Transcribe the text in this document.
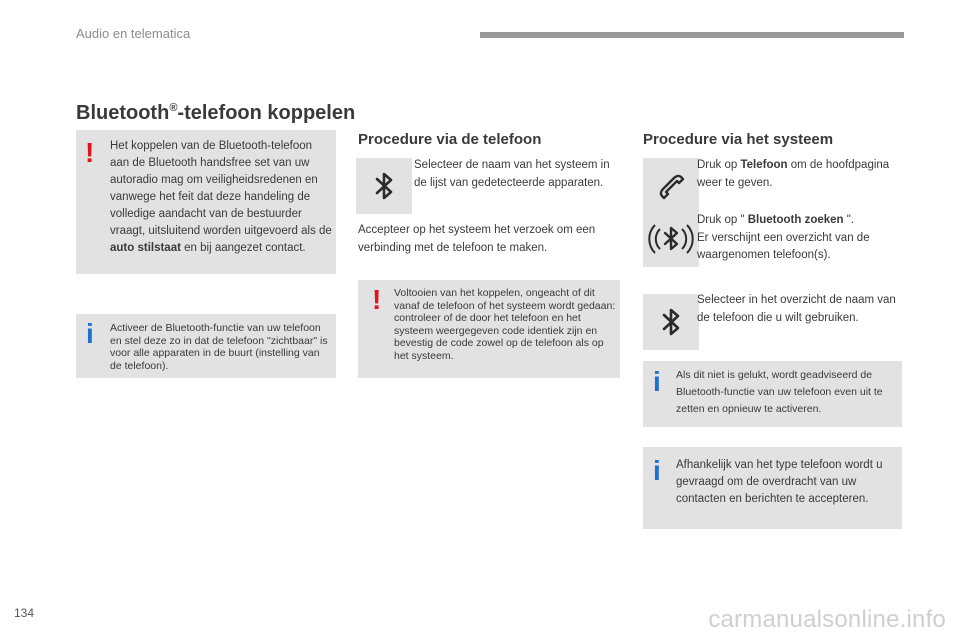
Audio en telematica
Bluetooth®-telefoon koppelen
! Het koppelen van de Bluetooth-telefoon aan de Bluetooth handsfree set van uw autoradio mag om veiligheidsredenen en vanwege het feit dat deze handeling de volledige aandacht van de bestuurder vraagt, uitsluitend worden uitgevoerd als de auto stilstaat en bij aangezet contact.
i Activeer de Bluetooth-functie van uw telefoon en stel deze zo in dat de telefoon "zichtbaar" is voor alle apparaten in de buurt (instelling van de telefoon).
Procedure via de telefoon
Selecteer de naam van het systeem in de lijst van gedetecteerde apparaten.
Accepteer op het systeem het verzoek om een verbinding met de telefoon te maken.
! Voltooien van het koppelen, ongeacht of dit vanaf de telefoon of het systeem wordt gedaan: controleer of de door het telefoon en het systeem weergegeven code identiek zijn en bevestig de code zowel op de telefoon als op het systeem.
Procedure via het systeem
Druk op Telefoon om de hoofdpagina weer te geven.
Druk op " Bluetooth zoeken ".
Er verschijnt een overzicht van de waargenomen telefoon(s).
Selecteer in het overzicht de naam van de telefoon die u wilt gebruiken.
i Als dit niet is gelukt, wordt geadviseerd de Bluetooth-functie van uw telefoon even uit te zetten en opnieuw te activeren.
i Afhankelijk van het type telefoon wordt u gevraagd om de overdracht van uw contacten en berichten te accepteren.
134	carmanualsonline.info
